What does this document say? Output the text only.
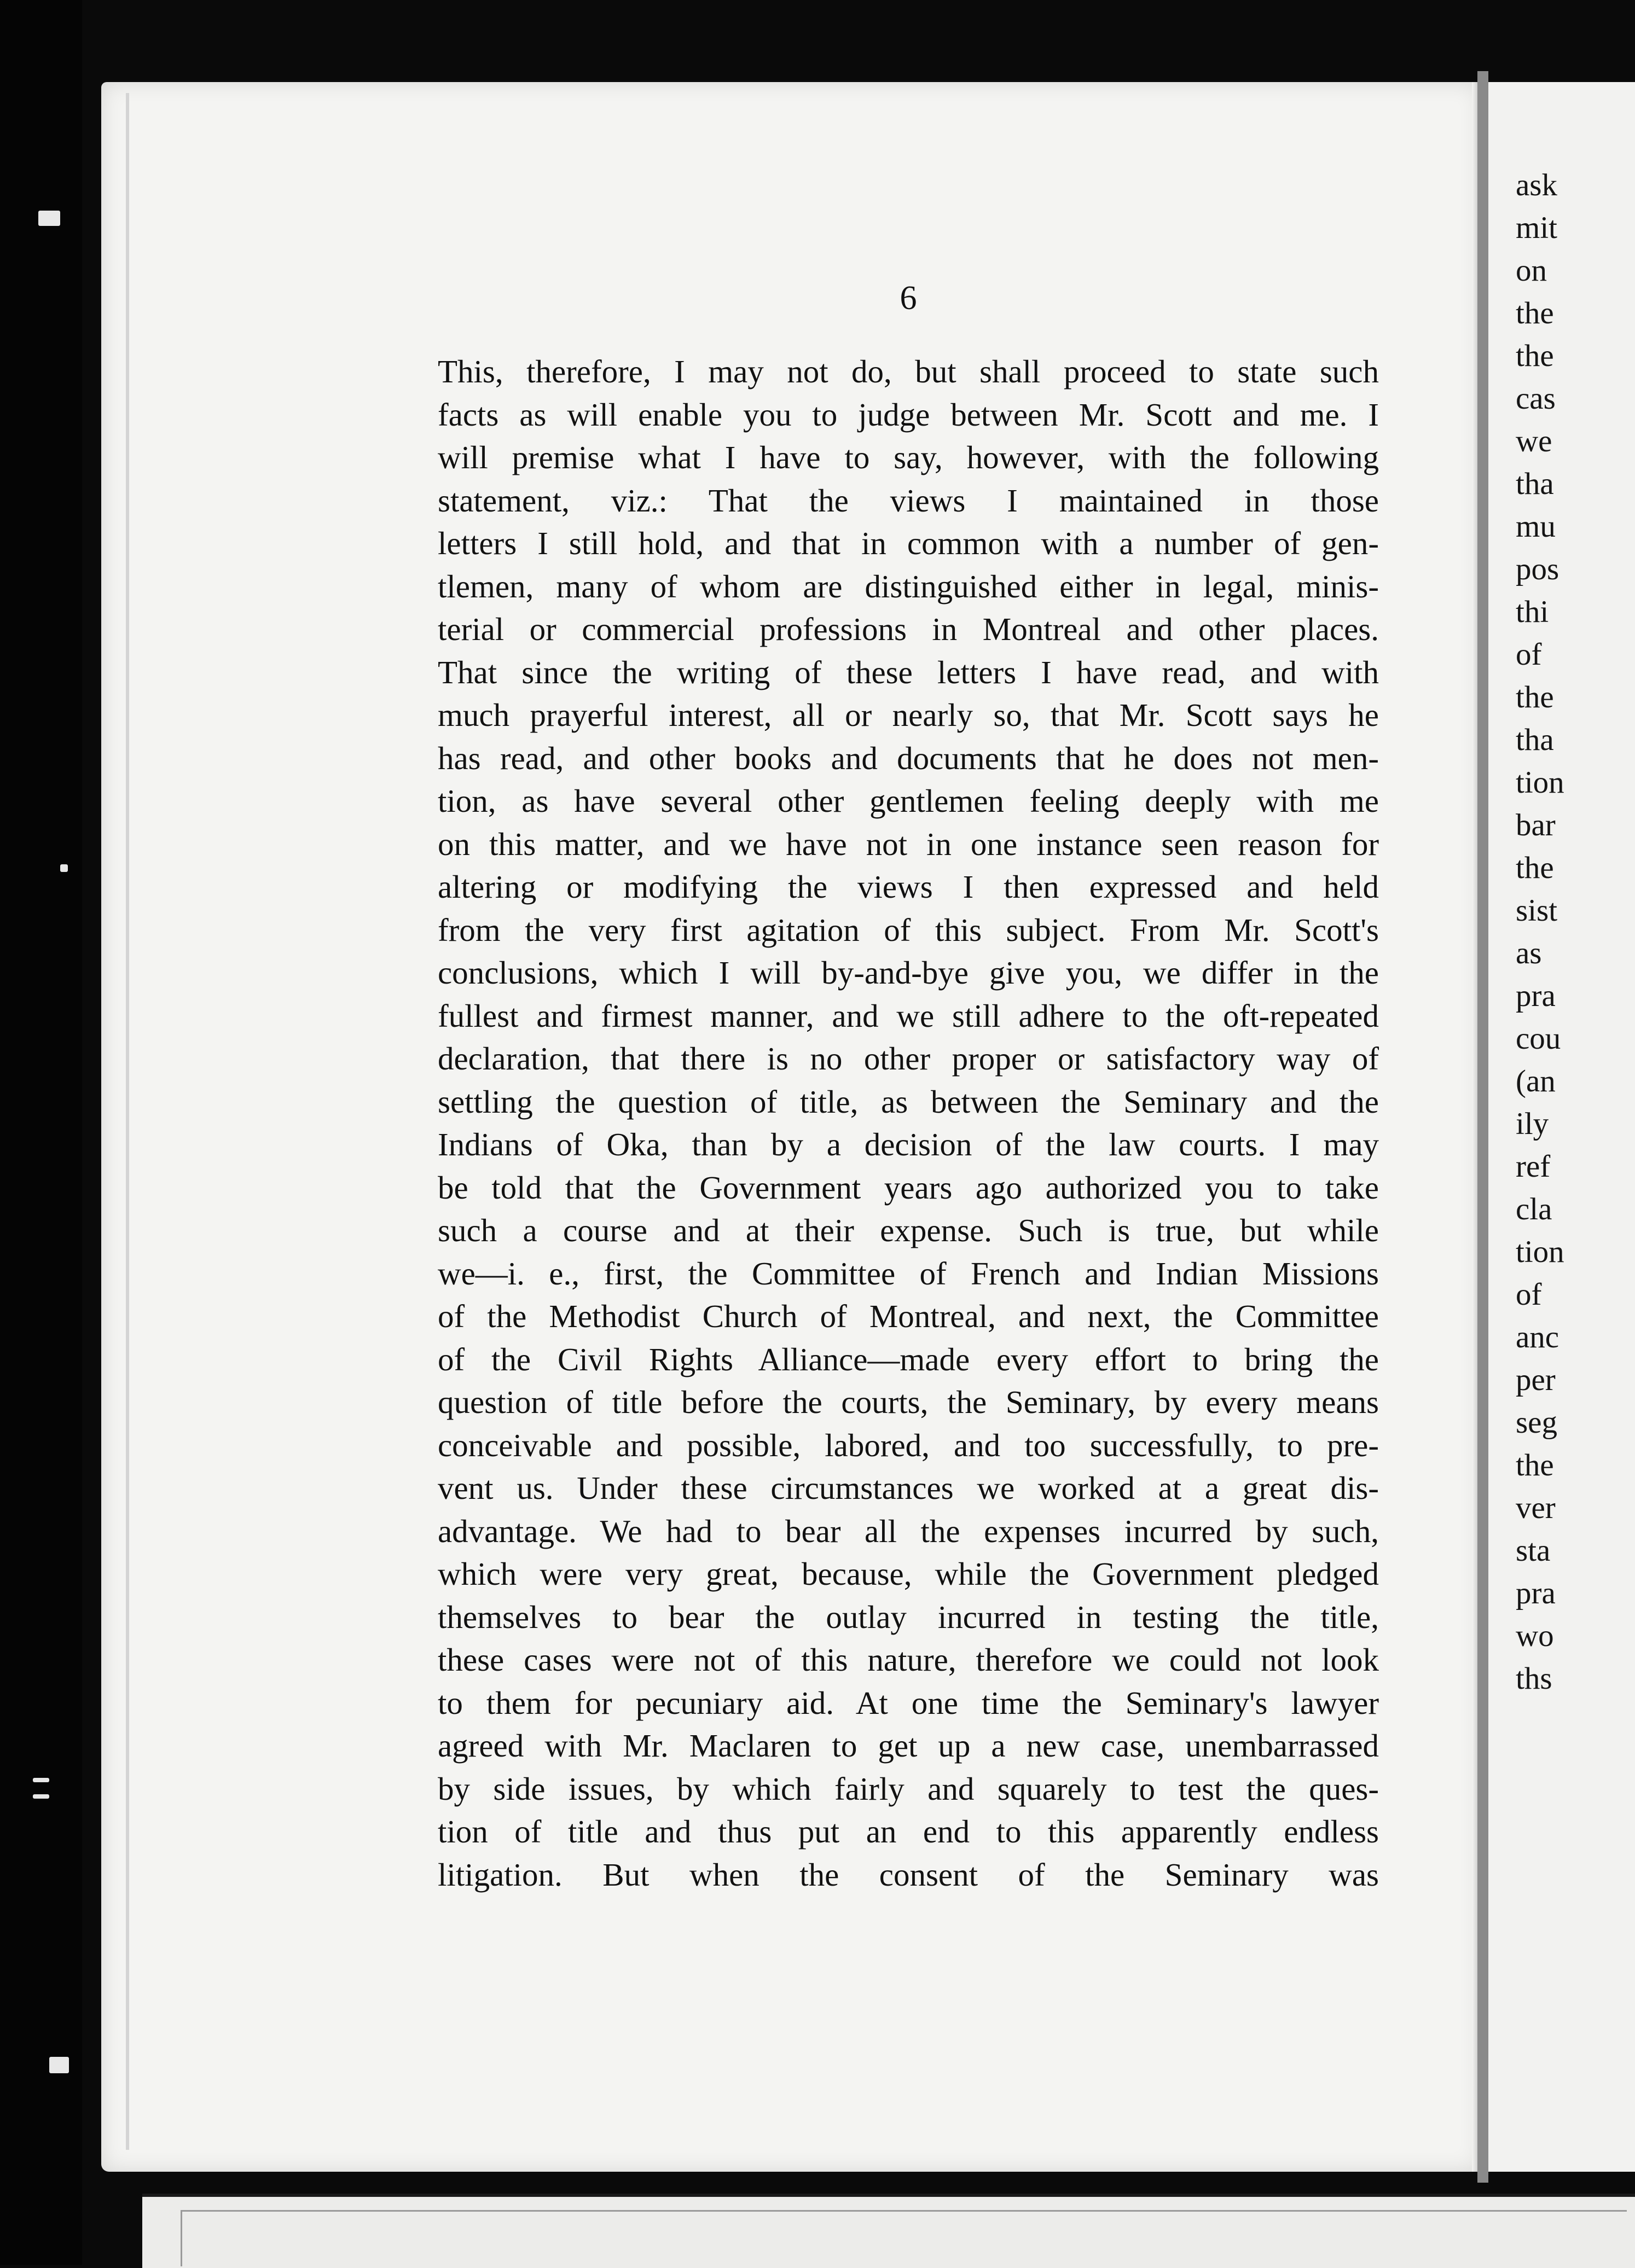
ask
mit
on
the
the
cas
we
tha
mu
pos
thi
of
the
tha
tion
bar
the
sist
as
pra
cou
(an
ily
ref
cla
tion
of
anc
per
seg
the
ver
sta
pra
wo
ths
6
This, therefore, I may not do, but shall proceed to state such
facts as will enable you to judge between Mr. Scott and me. I
will premise what I have to say, however, with the following
statement, viz.: That the views I maintained in those
letters I still hold, and that in common with a number of gen-
tlemen, many of whom are distinguished either in legal, minis-
terial or commercial professions in Montreal and other places.
That since the writing of these letters I have read, and with
much prayerful interest, all or nearly so, that Mr. Scott says he
has read, and other books and documents that he does not men-
tion, as have several other gentlemen feeling deeply with me
on this matter, and we have not in one instance seen reason for
altering or modifying the views I then expressed and held
from the very first agitation of this subject. From Mr. Scott's
conclusions, which I will by-and-bye give you, we differ in the
fullest and firmest manner, and we still adhere to the oft-repeated
declaration, that there is no other proper or satisfactory way of
settling the question of title, as between the Seminary and the
Indians of Oka, than by a decision of the law courts. I may
be told that the Government years ago authorized you to take
such a course and at their expense. Such is true, but while
we—i. e., first, the Committee of French and Indian Missions
of the Methodist Church of Montreal, and next, the Committee
of the Civil Rights Alliance—made every effort to bring the
question of title before the courts, the Seminary, by every means
conceivable and possible, labored, and too successfully, to pre-
vent us. Under these circumstances we worked at a great dis-
advantage. We had to bear all the expenses incurred by such,
which were very great, because, while the Government pledged
themselves to bear the outlay incurred in testing the title,
these cases were not of this nature, therefore we could not look
to them for pecuniary aid. At one time the Seminary's lawyer
agreed with Mr. Maclaren to get up a new case, unembarrassed
by side issues, by which fairly and squarely to test the ques-
tion of title and thus put an end to this apparently endless
litigation. But when the consent of the Seminary was
